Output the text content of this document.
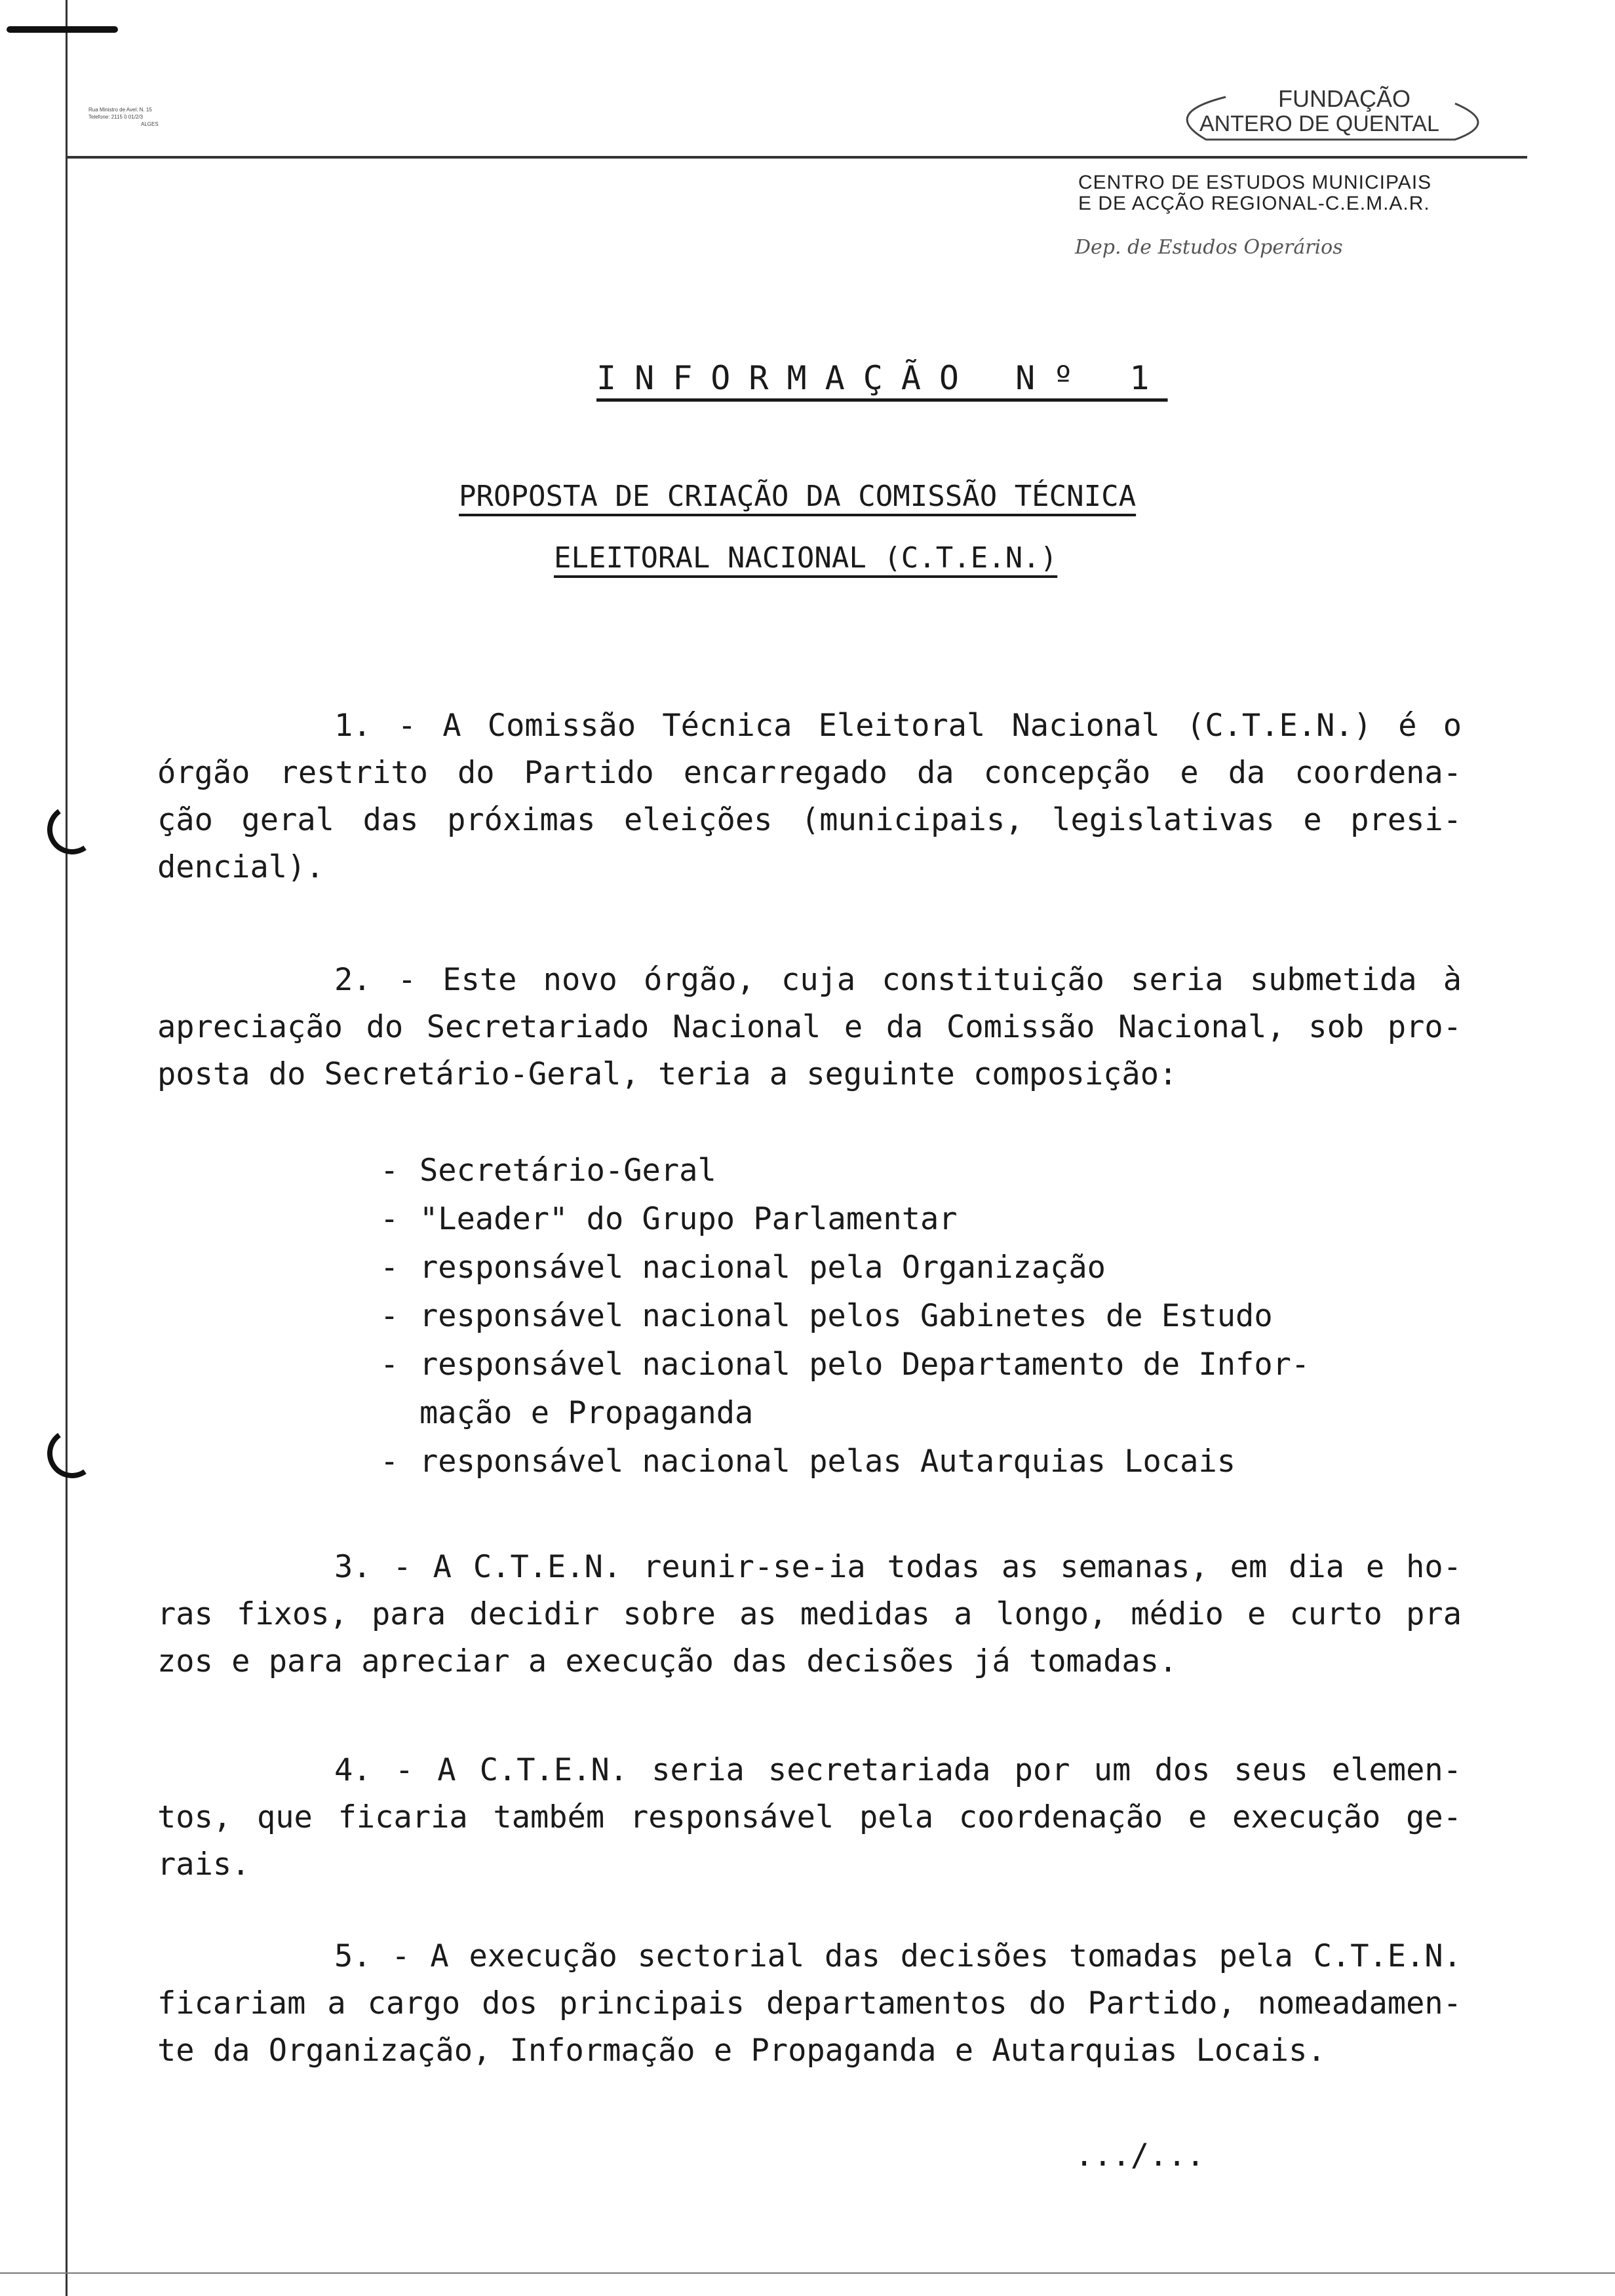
Rua Ministro de Avel. N. 15
Telefone: 2115 0 01/2/3
ALGES
FUNDAÇÃO
ANTERO DE QUENTAL
CENTRO DE ESTUDOS MUNICIPAIS
E DE ACÇÃO REGIONAL-C.E.M.A.R.
Dep. de Estudos Operários
INFORMAÇÃO Nº 1
PROPOSTA DE CRIAÇÃO DA COMISSÃO TÉCNICA
ELEITORAL NACIONAL (C.T.E.N.)
1. - A Comissão Técnica Eleitoral Nacional (C.T.E.N.) é o
órgão restrito do Partido encarregado da concepção e da coordena-
ção geral das próximas eleições (municipais, legislativas e presi-
dencial).
2. - Este novo órgão, cuja constituição seria submetida à
apreciação do Secretariado Nacional e da Comissão Nacional, sob pro-
posta do Secretário-Geral, teria a seguinte composição:
- Secretário-Geral
- "Leader" do Grupo Parlamentar
- responsável nacional pela Organização
- responsável nacional pelos Gabinetes de Estudo
- responsável nacional pelo Departamento de Infor-
mação e Propaganda
- responsável nacional pelas Autarquias Locais
3. - A C.T.E.N. reunir-se-ia todas as semanas, em dia e ho-
ras fixos, para decidir sobre as medidas a longo, médio e curto pra
zos e para apreciar a execução das decisões já tomadas.
4. - A C.T.E.N. seria secretariada por um dos seus elemen-
tos, que ficaria também responsável pela coordenação e execução ge-
rais.
5. - A execução sectorial das decisões tomadas pela C.T.E.N.
ficariam a cargo dos principais departamentos do Partido, nomeadamen-
te da Organização, Informação e Propaganda e Autarquias Locais.
.../...
